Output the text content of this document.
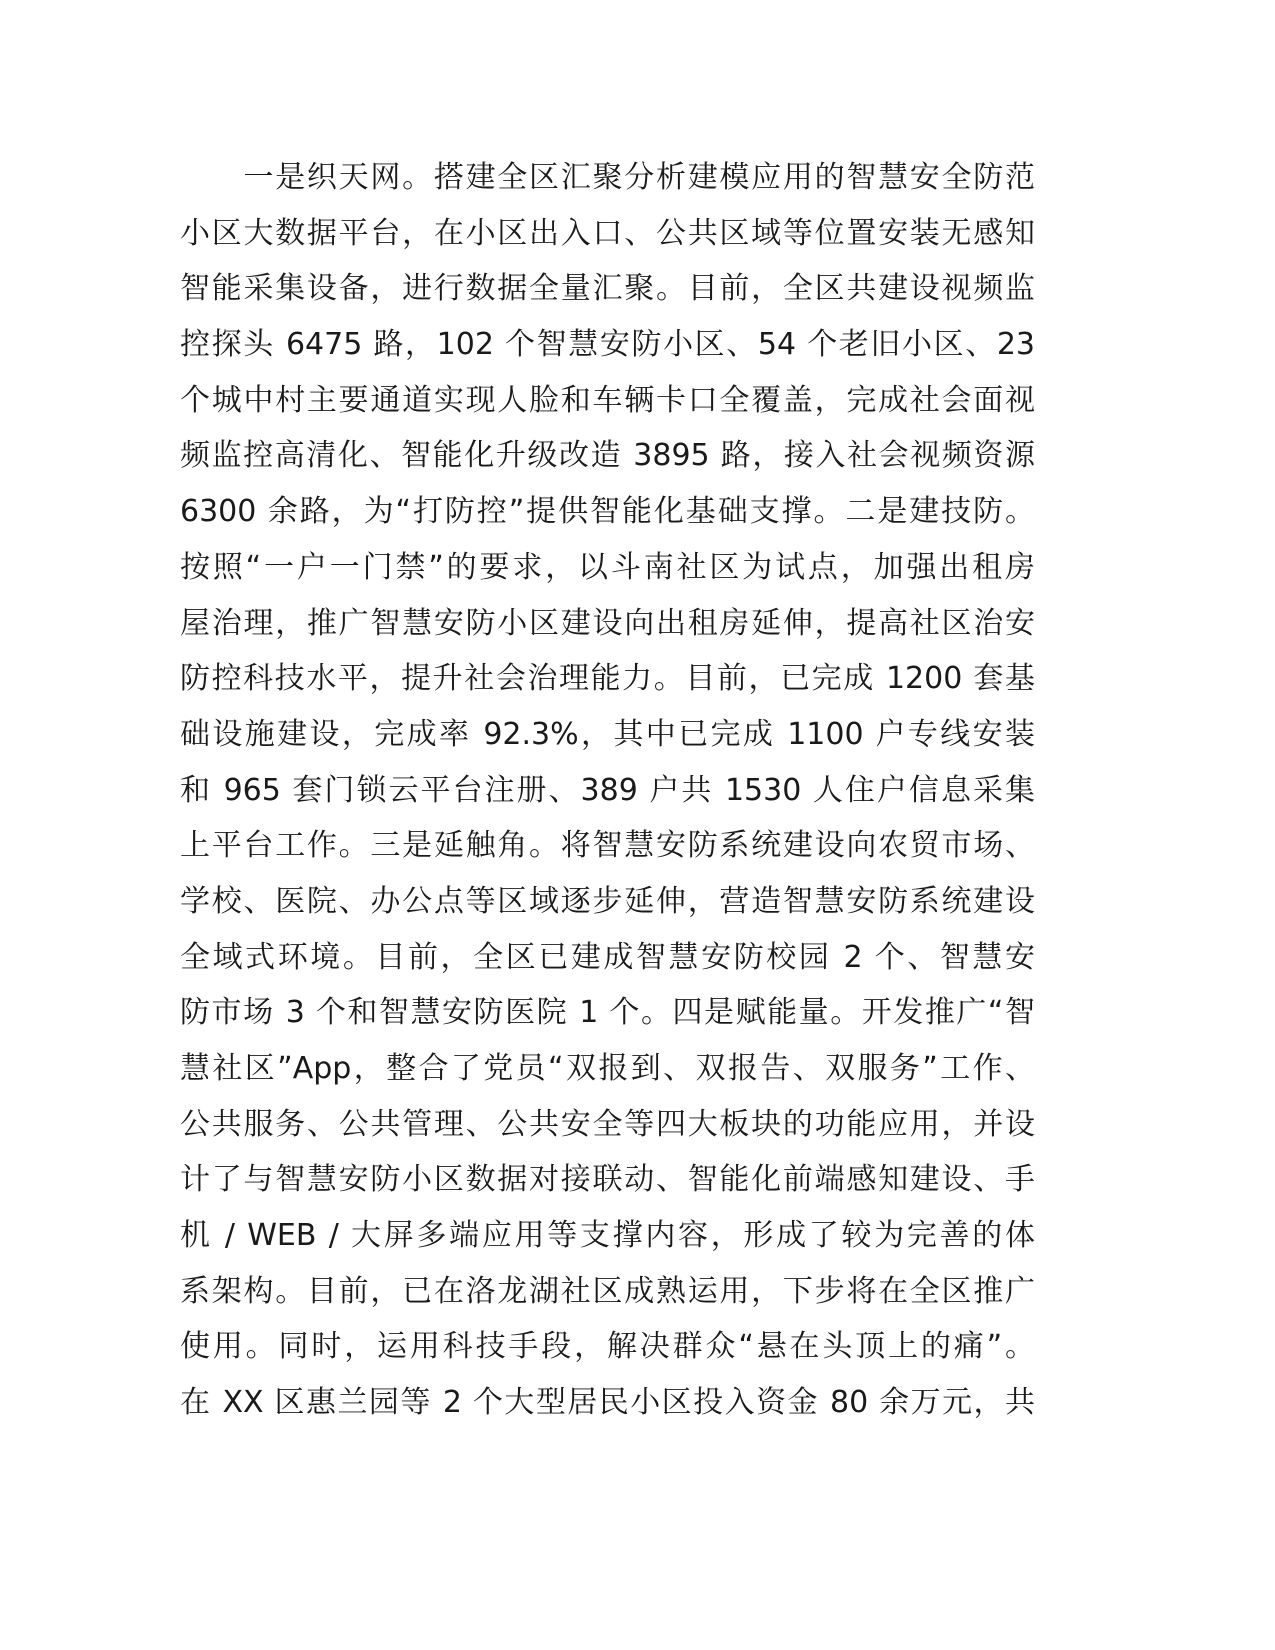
　　一是织天网。搭建全区汇聚分析建模应用的智慧安全防范
小区大数据平台，在小区出入口、公共区域等位置安装无感知
智能采集设备，进行数据全量汇聚。目前，全区共建设视频监
控探头 6475 路，102 个智慧安防小区、54 个老旧小区、23
个城中村主要通道实现人脸和车辆卡口全覆盖，完成社会面视
频监控高清化、智能化升级改造 3895 路，接入社会视频资源
6300 余路，为“打防控”提供智能化基础支撑。二是建技防。
按照“一户一门禁”的要求，以斗南社区为试点，加强出租房
屋治理，推广智慧安防小区建设向出租房延伸，提高社区治安
防控科技水平，提升社会治理能力。目前，已完成 1200 套基
础设施建设，完成率 92.3%，其中已完成 1100 户专线安装
和 965 套门锁云平台注册、389 户共 1530 人住户信息采集
上平台工作。三是延触角。将智慧安防系统建设向农贸市场、
学校、医院、办公点等区域逐步延伸，营造智慧安防系统建设
全域式环境。目前，全区已建成智慧安防校园 2 个、智慧安
防市场 3 个和智慧安防医院 1 个。四是赋能量。开发推广“智
慧社区”App，整合了党员“双报到、双报告、双服务”工作、
公共服务、公共管理、公共安全等四大板块的功能应用，并设
计了与智慧安防小区数据对接联动、智能化前端感知建设、手
机 / WEB / 大屏多端应用等支撑内容，形成了较为完善的体
系架构。目前，已在洛龙湖社区成熟运用，下步将在全区推广
使用。同时，运用科技手段，解决群众“悬在头顶上的痛”。
在 XX 区惠兰园等 2 个大型居民小区投入资金 80 余万元，共
